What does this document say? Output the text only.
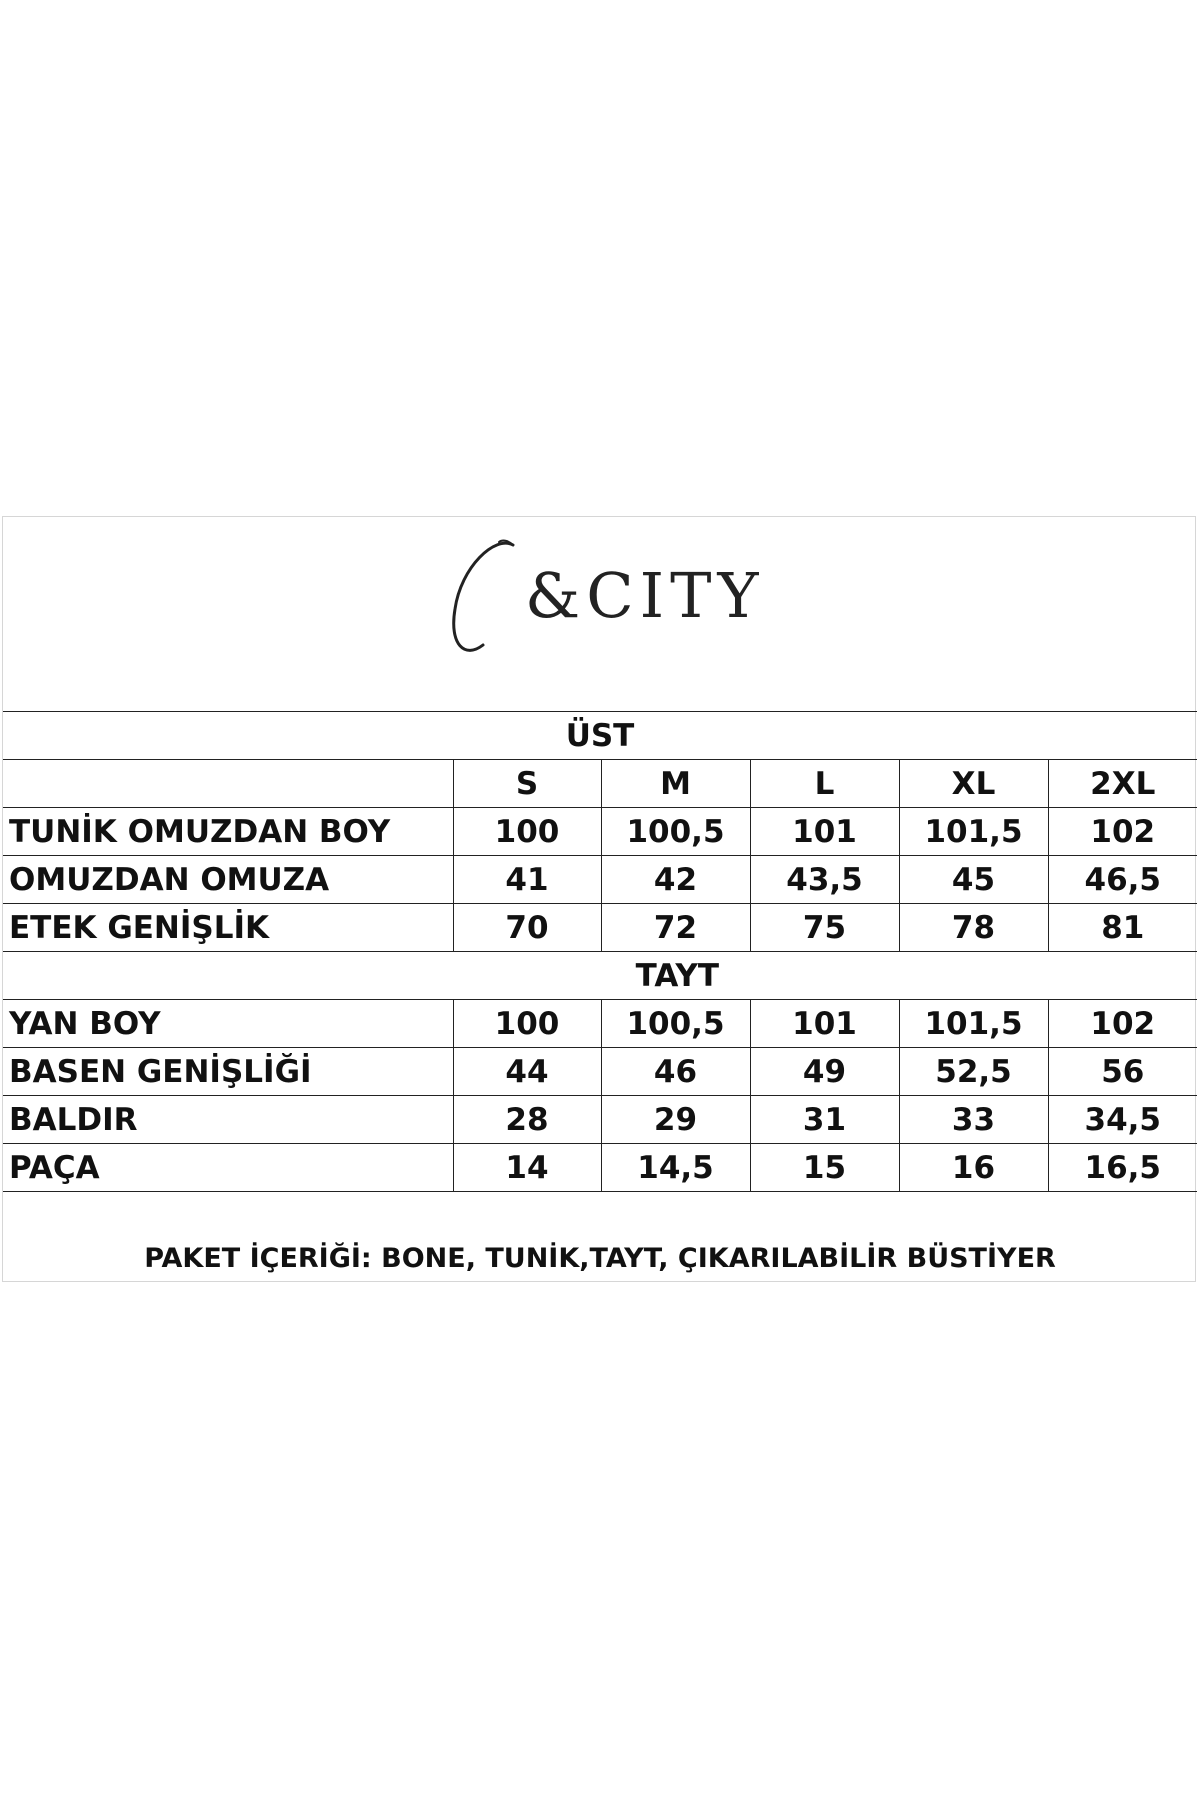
&CITY
ÜST					
	S	M	L	XL	2XL
TUNİK OMUZDAN BOY	100	100,5	101	101,5	102
OMUZDAN OMUZA	41	42	43,5	45	46,5
ETEK GENİŞLİK	70	72	75	78	81
TAYT					
YAN BOY	100	100,5	101	101,5	102
BASEN GENİŞLİĞİ	44	46	49	52,5	56
BALDIR	28	29	31	33	34,5
PAÇA	14	14,5	15	16	16,5
PAKET İÇERİĞİ: BONE, TUNİK,TAYT, ÇIKARILABİLİR BÜSTİYER
